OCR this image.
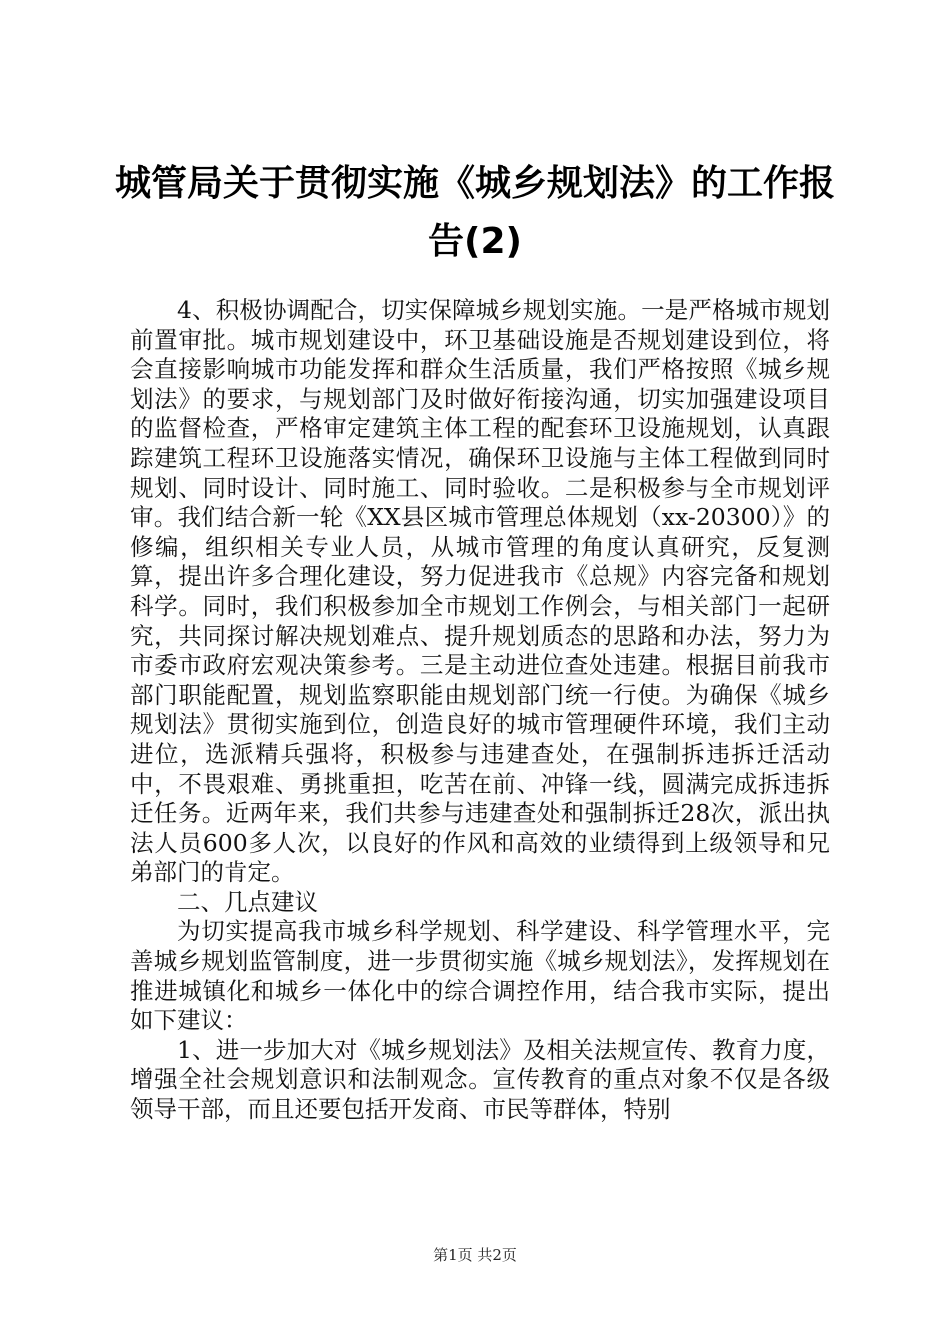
城管局关于贯彻实施《城乡规划法》的工作报
告(2)

4、积极协调配合，切实保障城乡规划实施。一是严格城市规划前置审批。城市规划建设中，环卫基础设施是否规划建设到位，将会直接影响城市功能发挥和群众生活质量，我们严格按照《城乡规划法》的要求，与规划部门及时做好衔接沟通，切实加强建设项目的监督检查，严格审定建筑主体工程的配套环卫设施规划，认真跟踪建筑工程环卫设施落实情况，确保环卫设施与主体工程做到同时规划、同时设计、同时施工、同时验收。二是积极参与全市规划评审。我们结合新一轮《XX县区城市管理总体规划（xx-20300）》的修编，组织相关专业人员，从城市管理的角度认真研究，反复测算，提出许多合理化建设，努力促进我市《总规》内容完备和规划科学。同时，我们积极参加全市规划工作例会，与相关部门一起研究，共同探讨解决规划难点、提升规划质态的思路和办法，努力为市委市政府宏观决策参考。三是主动进位查处违建。根据目前我市部门职能配置，规划监察职能由规划部门统一行使。为确保《城乡规划法》贯彻实施到位，创造良好的城市管理硬件环境，我们主动进位，选派精兵强将，积极参与违建查处，在强制拆违拆迁活动中，不畏艰难、勇挑重担，吃苦在前、冲锋一线，圆满完成拆违拆迁任务。近两年来，我们共参与违建查处和强制拆迁28次，派出执法人员600多人次，以良好的作风和高效的业绩得到上级领导和兄弟部门的肯定。

二、几点建议

为切实提高我市城乡科学规划、科学建设、科学管理水平，完善城乡规划监管制度，进一步贯彻实施《城乡规划法》，发挥规划在推进城镇化和城乡一体化中的综合调控作用，结合我市实际，提出如下建议：

1、进一步加大对《城乡规划法》及相关法规宣传、教育力度，增强全社会规划意识和法制观念。宣传教育的重点对象不仅是各级领导干部，而且还要包括开发商、市民等群体，特别

第1页 共2页
